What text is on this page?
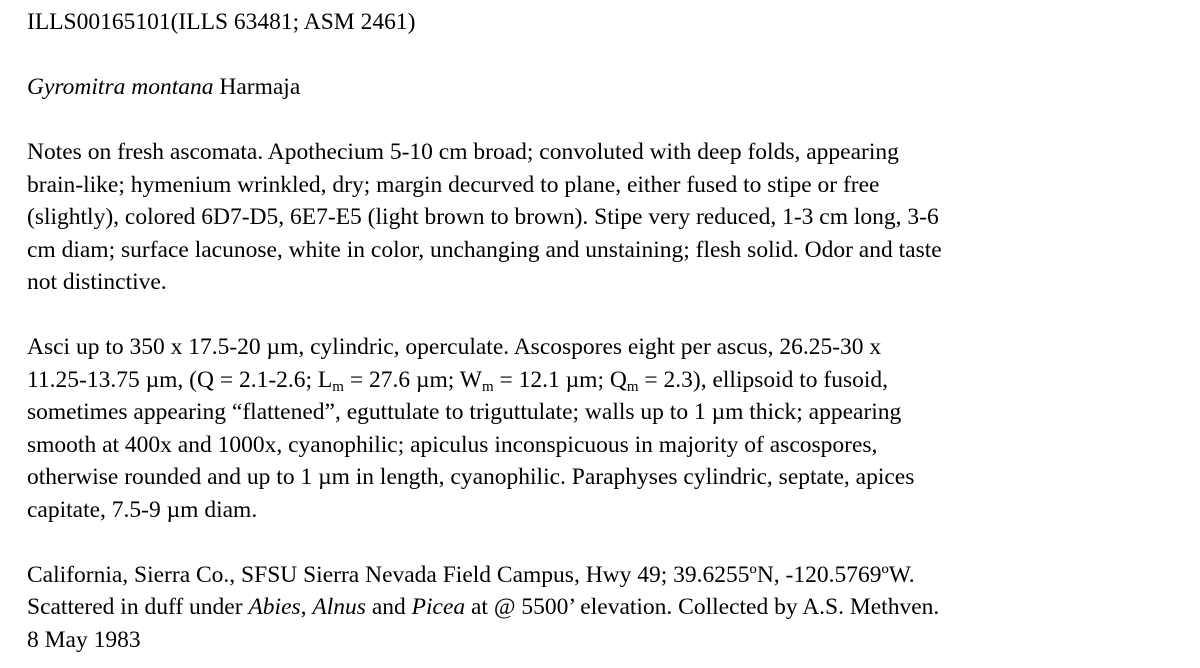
ILLS00165101(ILLS 63481; ASM 2461)

Gyromitra montana Harmaja

Notes on fresh ascomata. Apothecium 5-10 cm broad; convoluted with deep folds, appearing
brain-like; hymenium wrinkled, dry; margin decurved to plane, either fused to stipe or free
(slightly), colored 6D7-D5, 6E7-E5 (light brown to brown). Stipe very reduced, 1-3 cm long, 3-6
cm diam; surface lacunose, white in color, unchanging and unstaining; flesh solid. Odor and taste
not distinctive.
Asci up to 350 x 17.5-20 µm, cylindric, operculate. Ascospores eight per ascus, 26.25-30 x
11.25-13.75 µm, (Q = 2.1-2.6; $L_m = 27.6$ µm; $W_m = 12.1$ µm; $Q_m = 2.3$), ellipsoid to fusoid,
sometimes appearing “flattened”, eguttulate to triguttulate; walls up to 1 µm thick; appearing
smooth at 400x and 1000x, cyanophilic; apiculus inconspicuous in majority of ascospores,
otherwise rounded and up to 1 µm in length, cyanophilic. Paraphyses cylindric, septate, apices
capitate, 7.5-9 µm diam.
California, Sierra Co., SFSU Sierra Nevada Field Campus, Hwy 49; 39.6255ºN, -120.5769ºW.
Scattered in duff under Abies, Alnus and Picea at @ 5500’ elevation. Collected by A.S. Methven.
8 May 1983
